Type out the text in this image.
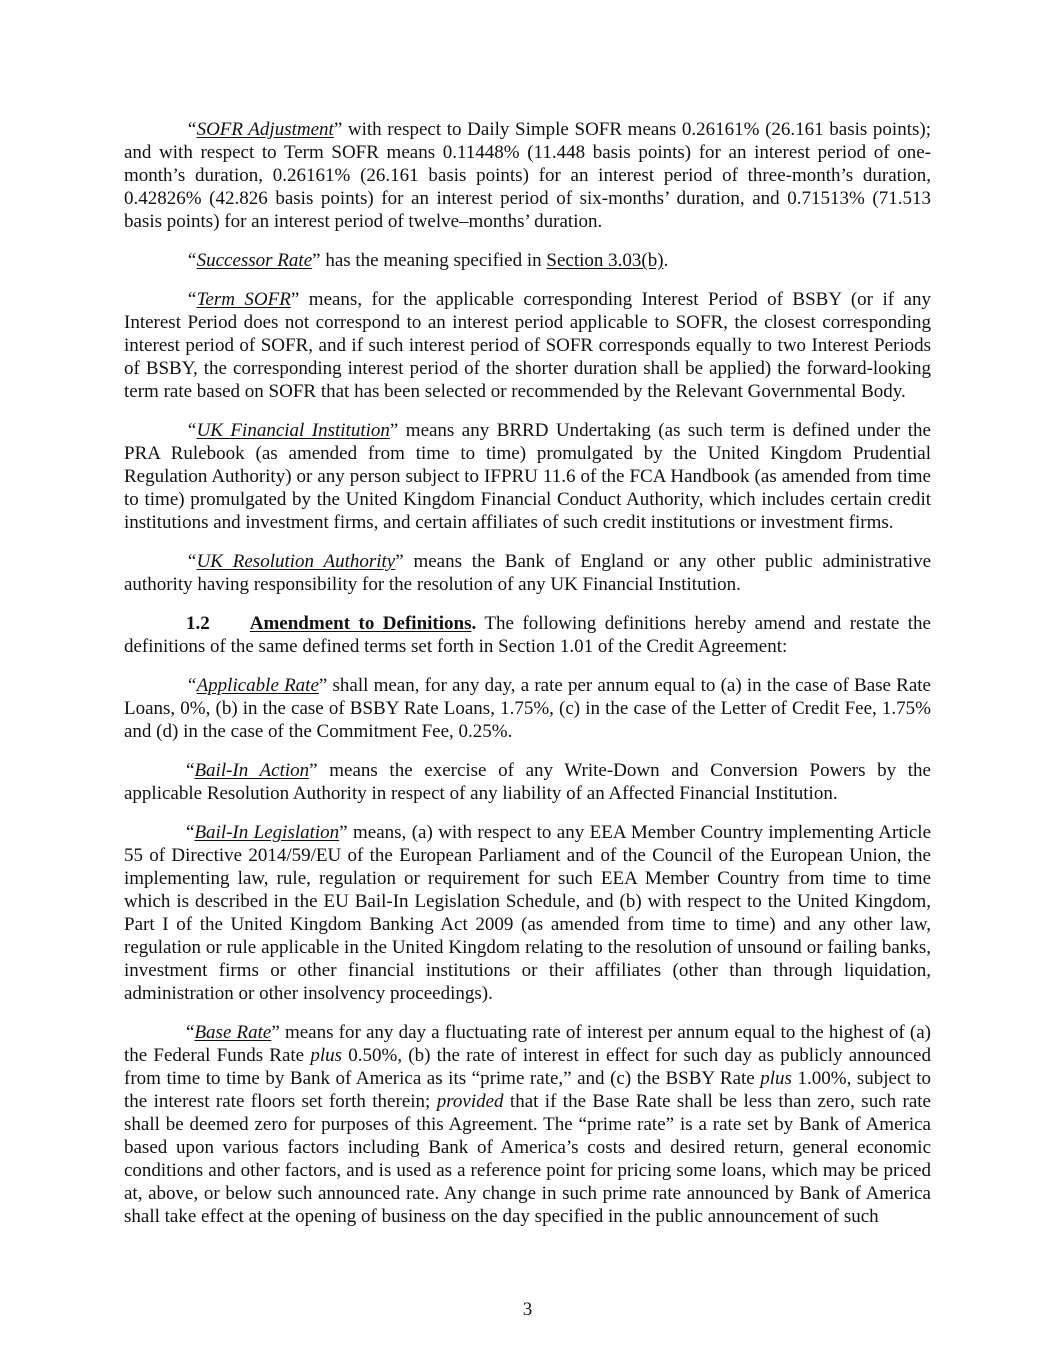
“SOFR Adjustment” with respect to Daily Simple SOFR means 0.26161% (26.161 basis points); and with respect to Term SOFR means 0.11448% (11.448 basis points) for an interest period of one-month’s duration, 0.26161% (26.161 basis points) for an interest period of three-month’s duration, 0.42826% (42.826 basis points) for an interest period of six-months’ duration, and 0.71513% (71.513 basis points) for an interest period of twelve–months’ duration.

“Successor Rate” has the meaning specified in Section 3.03(b).

“Term SOFR” means, for the applicable corresponding Interest Period of BSBY (or if any Interest Period does not correspond to an interest period applicable to SOFR, the closest corresponding interest period of SOFR, and if such interest period of SOFR corresponds equally to two Interest Periods of BSBY, the corresponding interest period of the shorter duration shall be applied) the forward-looking term rate based on SOFR that has been selected or recommended by the Relevant Governmental Body.

“UK Financial Institution” means any BRRD Undertaking (as such term is defined under the PRA Rulebook (as amended from time to time) promulgated by the United Kingdom Prudential Regulation Authority) or any person subject to IFPRU 11.6 of the FCA Handbook (as amended from time to time) promulgated by the United Kingdom Financial Conduct Authority, which includes certain credit institutions and investment firms, and certain affiliates of such credit institutions or investment firms.

“UK Resolution Authority” means the Bank of England or any other public administrative authority having responsibility for the resolution of any UK Financial Institution.

1.2 Amendment to Definitions. The following definitions hereby amend and restate the definitions of the same defined terms set forth in Section 1.01 of the Credit Agreement:

“Applicable Rate” shall mean, for any day, a rate per annum equal to (a) in the case of Base Rate Loans, 0%, (b) in the case of BSBY Rate Loans, 1.75%, (c) in the case of the Letter of Credit Fee, 1.75% and (d) in the case of the Commitment Fee, 0.25%.

“Bail-In Action” means the exercise of any Write-Down and Conversion Powers by the applicable Resolution Authority in respect of any liability of an Affected Financial Institution.

“Bail-In Legislation” means, (a) with respect to any EEA Member Country implementing Article 55 of Directive 2014/59/EU of the European Parliament and of the Council of the European Union, the implementing law, rule, regulation or requirement for such EEA Member Country from time to time which is described in the EU Bail-In Legislation Schedule, and (b) with respect to the United Kingdom, Part I of the United Kingdom Banking Act 2009 (as amended from time to time) and any other law, regulation or rule applicable in the United Kingdom relating to the resolution of unsound or failing banks, investment firms or other financial institutions or their affiliates (other than through liquidation, administration or other insolvency proceedings).

“Base Rate” means for any day a fluctuating rate of interest per annum equal to the highest of (a) the Federal Funds Rate plus 0.50%, (b) the rate of interest in effect for such day as publicly announced from time to time by Bank of America as its “prime rate,” and (c) the BSBY Rate plus 1.00%, subject to the interest rate floors set forth therein; provided that if the Base Rate shall be less than zero, such rate shall be deemed zero for purposes of this Agreement. The “prime rate” is a rate set by Bank of America based upon various factors including Bank of America’s costs and desired return, general economic conditions and other factors, and is used as a reference point for pricing some loans, which may be priced at, above, or below such announced rate. Any change in such prime rate announced by Bank of America shall take effect at the opening of business on the day specified in the public announcement of such

3
